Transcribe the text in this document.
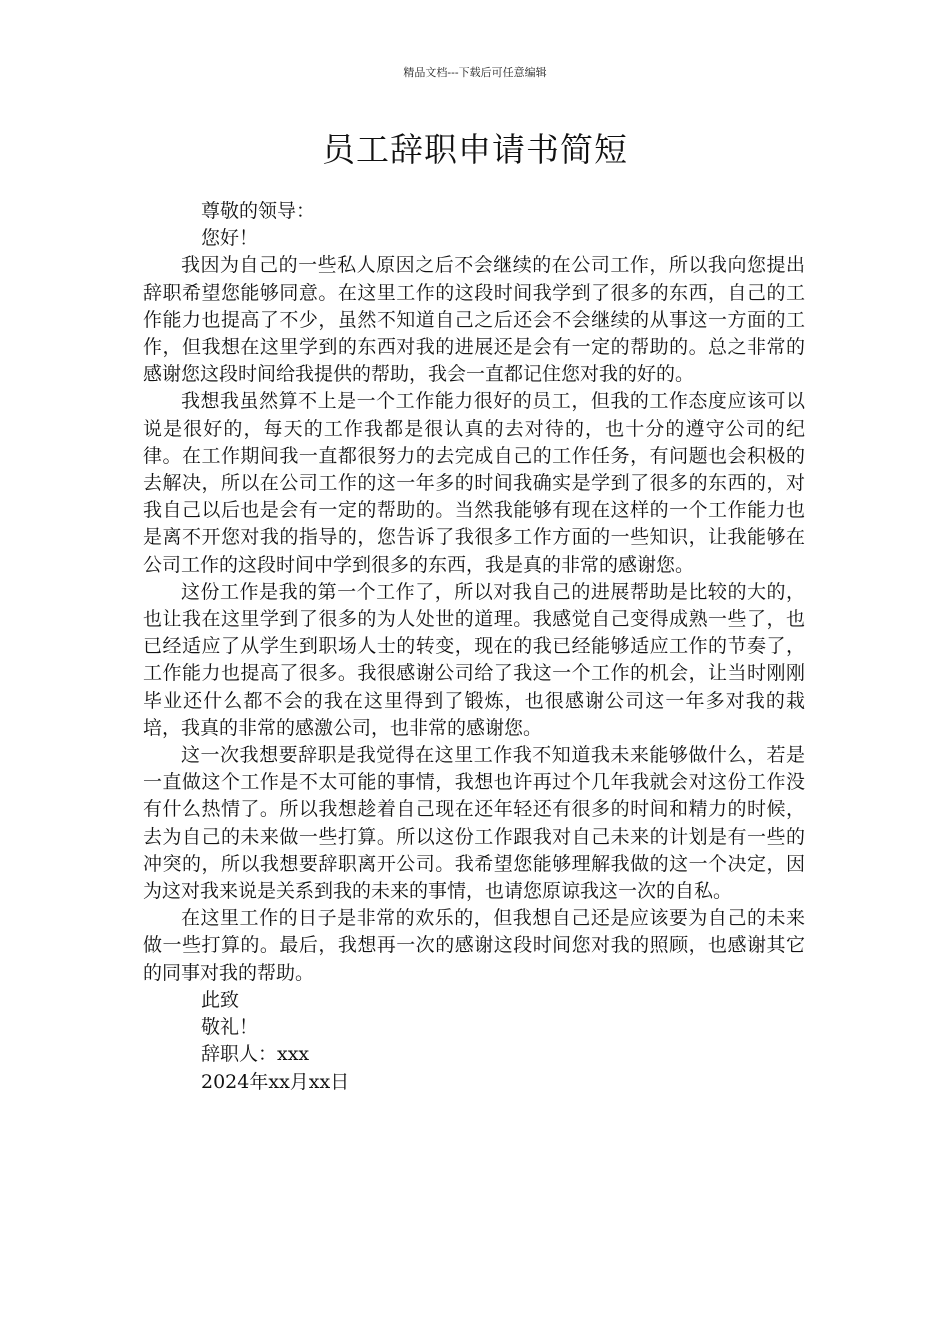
精品文档---下载后可任意编辑
员工辞职申请书简短

尊敬的领导：

您好！

我因为自己的一些私人原因之后不会继续的在公司工作，所以我向您提出辞职希望您能够同意。在这里工作的这段时间我学到了很多的东西，自己的工作能力也提高了不少，虽然不知道自己之后还会不会继续的从事这一方面的工作，但我想在这里学到的东西对我的进展还是会有一定的帮助的。总之非常的感谢您这段时间给我提供的帮助，我会一直都记住您对我的好的。

我想我虽然算不上是一个工作能力很好的员工，但我的工作态度应该可以说是很好的，每天的工作我都是很认真的去对待的，也十分的遵守公司的纪律。在工作期间我一直都很努力的去完成自己的工作任务，有问题也会积极的去解决，所以在公司工作的这一年多的时间我确实是学到了很多的东西的，对我自己以后也是会有一定的帮助的。当然我能够有现在这样的一个工作能力也是离不开您对我的指导的，您告诉了我很多工作方面的一些知识，让我能够在公司工作的这段时间中学到很多的东西，我是真的非常的感谢您。

这份工作是我的第一个工作了，所以对我自己的进展帮助是比较的大的，也让我在这里学到了很多的为人处世的道理。我感觉自己变得成熟一些了，也已经适应了从学生到职场人士的转变，现在的我已经能够适应工作的节奏了，工作能力也提高了很多。我很感谢公司给了我这一个工作的机会，让当时刚刚毕业还什么都不会的我在这里得到了锻炼，也很感谢公司这一年多对我的栽培，我真的非常的感激公司，也非常的感谢您。

这一次我想要辞职是我觉得在这里工作我不知道我未来能够做什么，若是一直做这个工作是不太可能的事情，我想也许再过个几年我就会对这份工作没有什么热情了。所以我想趁着自己现在还年轻还有很多的时间和精力的时候，去为自己的未来做一些打算。所以这份工作跟我对自己未来的计划是有一些的冲突的，所以我想要辞职离开公司。我希望您能够理解我做的这一个决定，因为这对我来说是关系到我的未来的事情，也请您原谅我这一次的自私。

在这里工作的日子是非常的欢乐的，但我想自己还是应该要为自己的未来做一些打算的。最后，我想再一次的感谢这段时间您对我的照顾，也感谢其它的同事对我的帮助。

此致

敬礼！

辞职人：xxx

2024年xx月xx日
